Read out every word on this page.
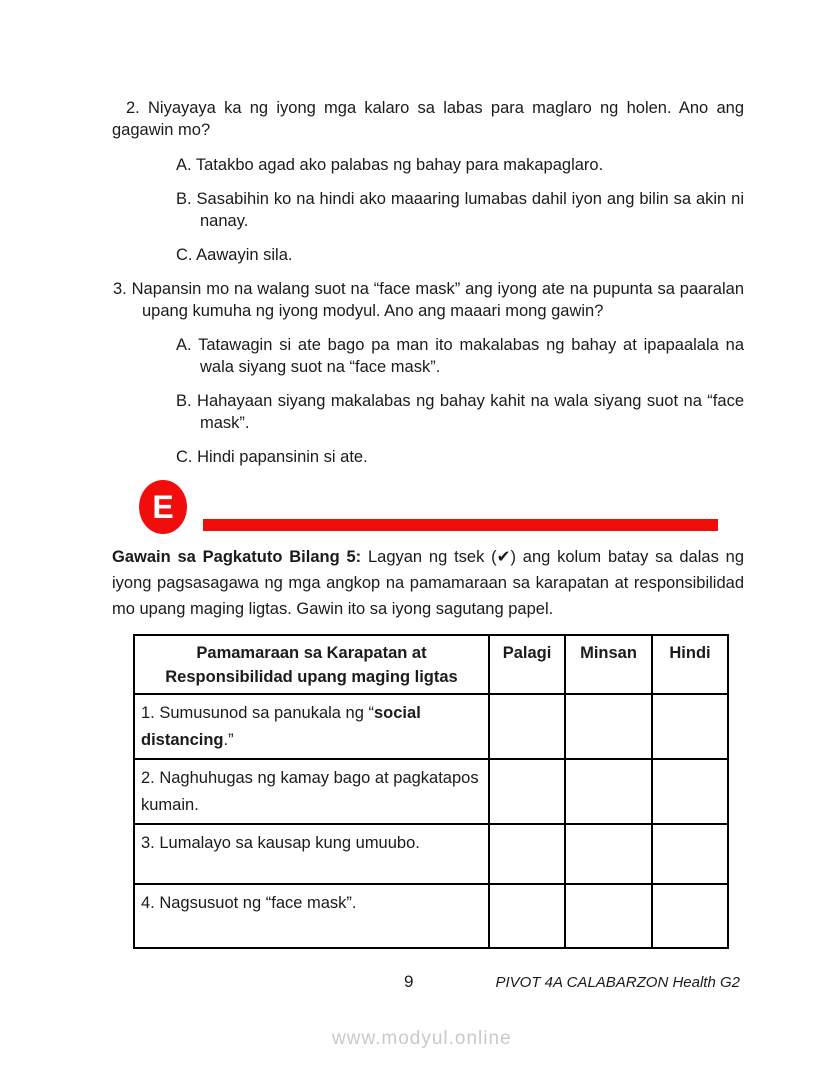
2. Niyayaya ka ng iyong mga kalaro sa labas para maglaro ng holen. Ano ang gagawin mo?

A. Tatakbo agad ako palabas ng bahay para makapaglaro.

B. Sasabihin ko na hindi ako maaaring lumabas dahil iyon ang bilin sa akin ni nanay.

C. Aawayin sila.

3. Napansin mo na walang suot na “face mask” ang iyong ate na pupunta sa paaralan upang kumuha ng iyong modyul. Ano ang maaari mong gawin?

A. Tatawagin si ate bago pa man ito makalabas ng bahay at ipapaalala na wala siyang suot na “face mask”.

B. Hahayaan siyang makalabas ng bahay kahit na wala siyang suot na “face mask”.

C. Hindi papansinin si ate.

E

Gawain sa Pagkatuto Bilang 5: Lagyan ng tsek (✔) ang kolum batay sa dalas ng iyong pagsasagawa ng mga angkop na pamamaraan sa karapatan at responsibilidad mo upang maging ligtas. Gawin ito sa iyong sagutang papel.

Pamamaraan sa Karapatan at Responsibilidad upang maging ligtas	Palagi	Minsan	Hindi
1. Sumusunod sa panukala ng “social distancing.”			
2. Naghuhugas ng kamay bago at pagkatapos kumain.			
3. Lumalayo sa kausap kung umuubo.			
4. Nagsusuot ng “face mask”.			
9	PIVOT 4A CALABARZON Health G2
www.modyul.online
